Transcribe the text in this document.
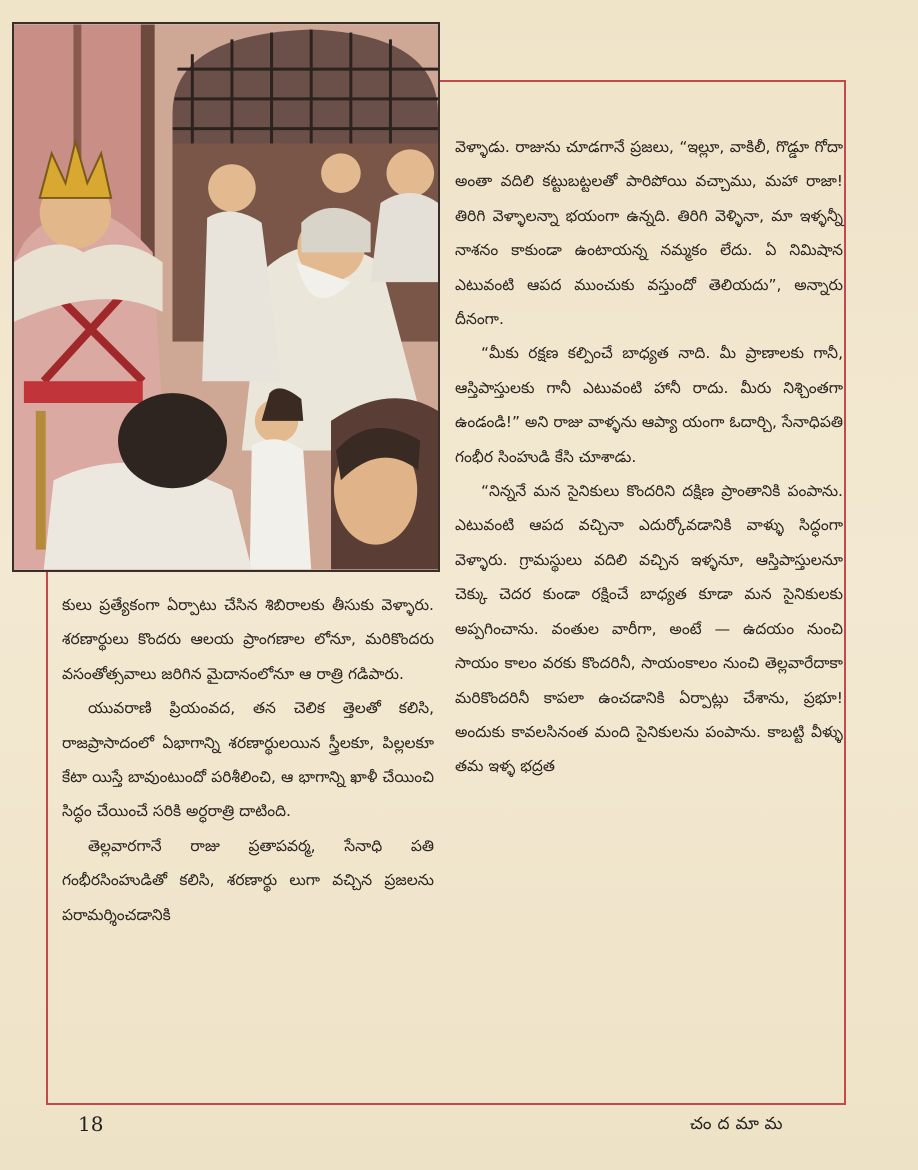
కులు ప్రత్యేకంగా ఏర్పాటు చేసిన శిబిరాలకు తీసుకు వెళ్ళారు. శరణార్థులు కొందరు ఆలయ ప్రాంగణాల లోనూ, మరికొందరు వసంతోత్సవాలు జరిగిన మైదానంలోనూ ఆ రాత్రి గడిపారు.

యువరాణి ప్రియంవద, తన చెలిక త్తెలతో కలిసి, రాజప్రాసాదంలో ఏభాగాన్ని శరణార్థులయిన స్త్రీలకూ, పిల్లలకూ కేటా యిస్తే బావుంటుందో పరిశీలించి, ఆ భాగాన్ని ఖాళీ చేయించి సిద్ధం చేయించే సరికి అర్ధరాత్రి దాటింది.

తెల్లవారగానే రాజు ప్రతాపవర్మ, సేనాధి పతి గంభీరసింహుడితో కలిసి, శరణార్థు లుగా వచ్చిన ప్రజలను పరామర్శించడానికి

వెళ్ళాడు. రాజును చూడగానే ప్రజలు, “ఇల్లూ, వాకిలీ, గొడ్డూ గోదా అంతా వదిలి కట్టుబట్టలతో పారిపోయి వచ్చాము, మహా రాజా! తిరిగి వెళ్ళాలన్నా భయంగా ఉన్నది. తిరిగి వెళ్ళినా, మా ఇళ్ళన్నీ నాశనం కాకుండా ఉంటాయన్న నమ్మకం లేదు. ఏ నిమిషాన ఎటువంటి ఆపద ముంచుకు వస్తుందో తెలియదు”, అన్నారు దీనంగా.

“మీకు రక్షణ కల్పించే బాధ్యత నాది. మీ ప్రాణాలకు గానీ, ఆస్తిపాస్తులకు గానీ ఎటువంటి హానీ రాదు. మీరు నిశ్చింతగా ఉండండి!” అని రాజు వాళ్ళను ఆప్యా యంగా ఓదార్చి, సేనాధిపతి గంభీర సింహుడి కేసి చూశాడు.

“నిన్ననే మన సైనికులు కొందరిని దక్షిణ ప్రాంతానికి పంపాను. ఎటువంటి ఆపద వచ్చినా ఎదుర్కోవడానికి వాళ్ళు సిద్ధంగా వెళ్ళారు. గ్రామస్థులు వదిలి వచ్చిన ఇళ్ళనూ, ఆస్తిపాస్తులనూ చెక్కు చెదర కుండా రక్షించే బాధ్యత కూడా మన సైనికులకు అప్పగించాను. వంతుల వారీగా, అంటే — ఉదయం నుంచి సాయం కాలం వరకు కొందరినీ, సాయంకాలం నుంచి తెల్లవారేదాకా మరికొందరినీ కాపలా ఉంచడానికి ఏర్పాట్లు చేశాను, ప్రభూ! అందుకు కావలసినంత మంది సైనికులను పంపాను. కాబట్టి వీళ్ళు తమ ఇళ్ళ భద్రత

18	చందమామ
